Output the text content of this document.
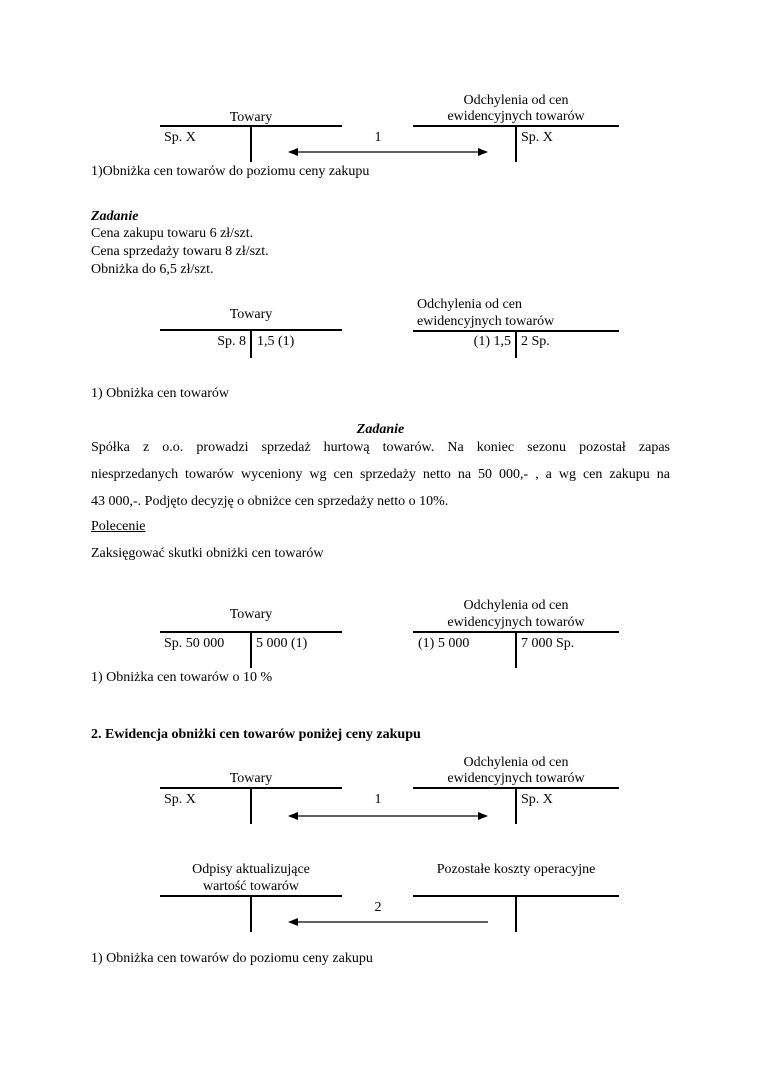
Towary
Sp. X
Odchylenia od cen
ewidencyjnych towarów
Sp. X
1
1)Obniżka cen towarów do poziomu ceny zakupu
Zadanie
Cena zakupu towaru 6 zł/szt.
Cena sprzedaży towaru 8 zł/szt.
Obniżka do 6,5 zł/szt.
Towary
Sp. 8 1,5 (1)
Odchylenia od cen
ewidencyjnych towarów
(1) 1,5 2 Sp.
1) Obniżka cen towarów
Zadanie
Spółka z o.o. prowadzi sprzedaż hurtową towarów. Na koniec sezonu pozostał zapas
niesprzedanych towarów wyceniony wg cen sprzedaży netto na 50 000,- , a wg cen zakupu na
43 000,-. Podjęto decyzję o obniżce cen sprzedaży netto o 10%.
Polecenie
Zaksięgować skutki obniżki cen towarów
Towary
Sp. 50 000 5 000 (1)
Odchylenia od cen
ewidencyjnych towarów
(1) 5 000	7 000 Sp.
1) Obniżka cen towarów o 10 %
2. Ewidencja obniżki cen towarów poniżej ceny zakupu
Towary
Sp. X
Odchylenia od cen
ewidencyjnych towarów
Sp. X
1
Odpisy aktualizujące
wartość towarów
Pozostałe koszty operacyjne
2
1) Obniżka cen towarów do poziomu ceny zakupu
